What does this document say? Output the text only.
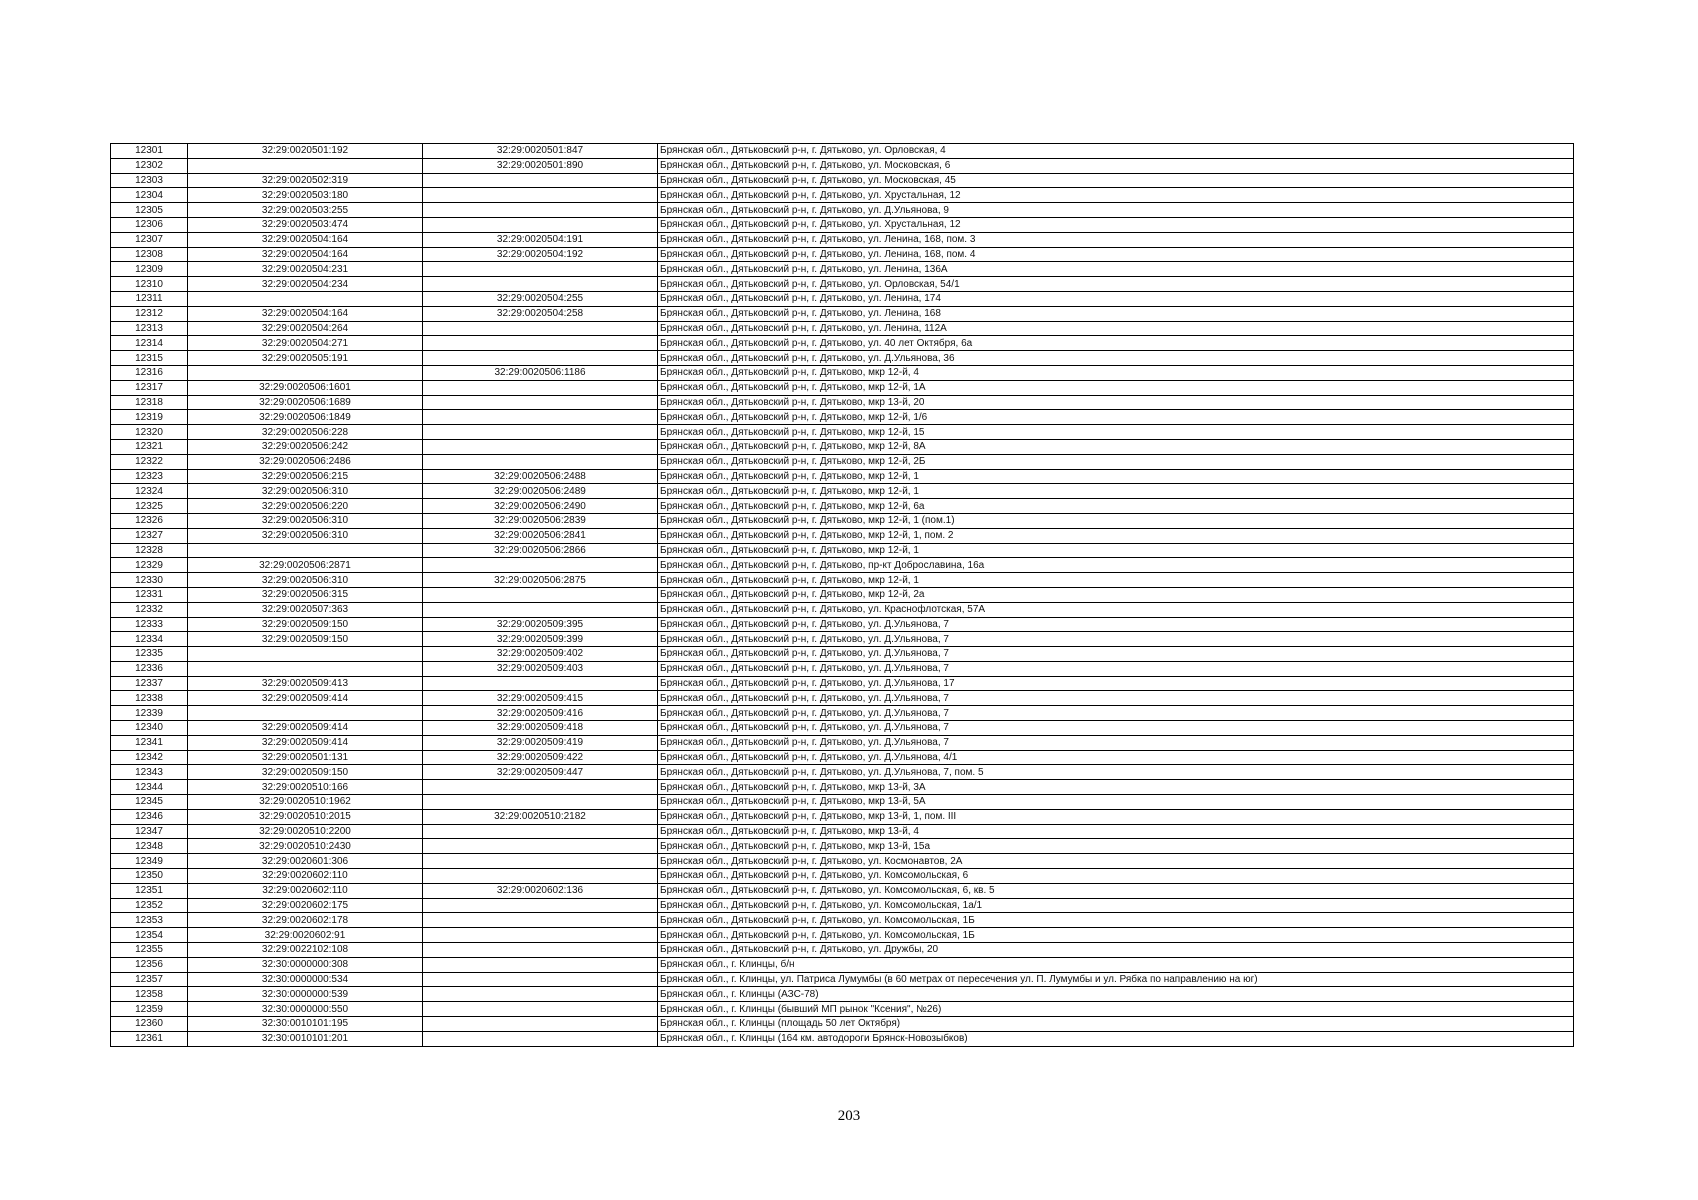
12301	32:29:0020501:192	32:29:0020501:847	Брянская обл., Дятьковский р-н, г. Дятьково, ул. Орловская, 4
12302		32:29:0020501:890	Брянская обл., Дятьковский р-н, г. Дятьково, ул. Московская, 6
12303	32:29:0020502:319		Брянская обл., Дятьковский р-н, г. Дятьково, ул. Московская, 45
12304	32:29:0020503:180		Брянская обл., Дятьковский р-н, г. Дятьково, ул. Хрустальная, 12
12305	32:29:0020503:255		Брянская обл., Дятьковский р-н, г. Дятьково, ул. Д.Ульянова, 9
12306	32:29:0020503:474		Брянская обл., Дятьковский р-н, г. Дятьково, ул. Хрустальная, 12
12307	32:29:0020504:164	32:29:0020504:191	Брянская обл., Дятьковский р-н, г. Дятьково, ул. Ленина, 168, пом. 3
12308	32:29:0020504:164	32:29:0020504:192	Брянская обл., Дятьковский р-н, г. Дятьково, ул. Ленина, 168, пом. 4
12309	32:29:0020504:231		Брянская обл., Дятьковский р-н, г. Дятьково, ул. Ленина, 136А
12310	32:29:0020504:234		Брянская обл., Дятьковский р-н, г. Дятьково, ул. Орловская, 54/1
12311		32:29:0020504:255	Брянская обл., Дятьковский р-н, г. Дятьково, ул. Ленина, 174
12312	32:29:0020504:164	32:29:0020504:258	Брянская обл., Дятьковский р-н, г. Дятьково, ул. Ленина, 168
12313	32:29:0020504:264		Брянская обл., Дятьковский р-н, г. Дятьково, ул. Ленина, 112А
12314	32:29:0020504:271		Брянская обл., Дятьковский р-н, г. Дятьково, ул. 40 лет Октября, 6а
12315	32:29:0020505:191		Брянская обл., Дятьковский р-н, г. Дятьково, ул. Д.Ульянова, 36
12316		32:29:0020506:1186	Брянская обл., Дятьковский р-н, г. Дятьково, мкр 12-й, 4
12317	32:29:0020506:1601		Брянская обл., Дятьковский р-н, г. Дятьково, мкр 12-й, 1А
12318	32:29:0020506:1689		Брянская обл., Дятьковский р-н, г. Дятьково, мкр 13-й, 20
12319	32:29:0020506:1849		Брянская обл., Дятьковский р-н, г. Дятьково, мкр 12-й, 1/6
12320	32:29:0020506:228		Брянская обл., Дятьковский р-н, г. Дятьково, мкр 12-й, 15
12321	32:29:0020506:242		Брянская обл., Дятьковский р-н, г. Дятьково, мкр 12-й, 8А
12322	32:29:0020506:2486		Брянская обл., Дятьковский р-н, г. Дятьково, мкр 12-й, 2Б
12323	32:29:0020506:215	32:29:0020506:2488	Брянская обл., Дятьковский р-н, г. Дятьково, мкр 12-й, 1
12324	32:29:0020506:310	32:29:0020506:2489	Брянская обл., Дятьковский р-н, г. Дятьково, мкр 12-й, 1
12325	32:29:0020506:220	32:29:0020506:2490	Брянская обл., Дятьковский р-н, г. Дятьково, мкр 12-й, 6а
12326	32:29:0020506:310	32:29:0020506:2839	Брянская обл., Дятьковский р-н, г. Дятьково, мкр 12-й, 1 (пом.1)
12327	32:29:0020506:310	32:29:0020506:2841	Брянская обл., Дятьковский р-н, г. Дятьково, мкр 12-й, 1, пом. 2
12328		32:29:0020506:2866	Брянская обл., Дятьковский р-н, г. Дятьково, мкр 12-й, 1
12329	32:29:0020506:2871		Брянская обл., Дятьковский р-н, г. Дятьково, пр-кт Доброславина, 16а
12330	32:29:0020506:310	32:29:0020506:2875	Брянская обл., Дятьковский р-н, г. Дятьково, мкр 12-й, 1
12331	32:29:0020506:315		Брянская обл., Дятьковский р-н, г. Дятьково, мкр 12-й, 2а
12332	32:29:0020507:363		Брянская обл., Дятьковский р-н, г. Дятьково, ул. Краснофлотская, 57А
12333	32:29:0020509:150	32:29:0020509:395	Брянская обл., Дятьковский р-н, г. Дятьково, ул. Д.Ульянова, 7
12334	32:29:0020509:150	32:29:0020509:399	Брянская обл., Дятьковский р-н, г. Дятьково, ул. Д.Ульянова, 7
12335		32:29:0020509:402	Брянская обл., Дятьковский р-н, г. Дятьково, ул. Д.Ульянова, 7
12336		32:29:0020509:403	Брянская обл., Дятьковский р-н, г. Дятьково, ул. Д.Ульянова, 7
12337	32:29:0020509:413		Брянская обл., Дятьковский р-н, г. Дятьково, ул. Д.Ульянова, 17
12338	32:29:0020509:414	32:29:0020509:415	Брянская обл., Дятьковский р-н, г. Дятьково, ул. Д.Ульянова, 7
12339		32:29:0020509:416	Брянская обл., Дятьковский р-н, г. Дятьково, ул. Д.Ульянова, 7
12340	32:29:0020509:414	32:29:0020509:418	Брянская обл., Дятьковский р-н, г. Дятьково, ул. Д.Ульянова, 7
12341	32:29:0020509:414	32:29:0020509:419	Брянская обл., Дятьковский р-н, г. Дятьково, ул. Д.Ульянова, 7
12342	32:29:0020501:131	32:29:0020509:422	Брянская обл., Дятьковский р-н, г. Дятьково, ул. Д.Ульянова, 4/1
12343	32:29:0020509:150	32:29:0020509:447	Брянская обл., Дятьковский р-н, г. Дятьково, ул. Д.Ульянова, 7, пом. 5
12344	32:29:0020510:166		Брянская обл., Дятьковский р-н, г. Дятьково, мкр 13-й, 3А
12345	32:29:0020510:1962		Брянская обл., Дятьковский р-н, г. Дятьково, мкр 13-й, 5А
12346	32:29:0020510:2015	32:29:0020510:2182	Брянская обл., Дятьковский р-н, г. Дятьково, мкр 13-й, 1, пом. III
12347	32:29:0020510:2200		Брянская обл., Дятьковский р-н, г. Дятьково, мкр 13-й, 4
12348	32:29:0020510:2430		Брянская обл., Дятьковский р-н, г. Дятьково, мкр 13-й, 15а
12349	32:29:0020601:306		Брянская обл., Дятьковский р-н, г. Дятьково, ул. Космонавтов, 2А
12350	32:29:0020602:110		Брянская обл., Дятьковский р-н, г. Дятьково, ул. Комсомольская, 6
12351	32:29:0020602:110	32:29:0020602:136	Брянская обл., Дятьковский р-н, г. Дятьково, ул. Комсомольская, 6, кв. 5
12352	32:29:0020602:175		Брянская обл., Дятьковский р-н, г. Дятьково, ул. Комсомольская, 1а/1
12353	32:29:0020602:178		Брянская обл., Дятьковский р-н, г. Дятьково, ул. Комсомольская, 1Б
12354	32:29:0020602:91		Брянская обл., Дятьковский р-н, г. Дятьково, ул. Комсомольская, 1Б
12355	32:29:0022102:108		Брянская обл., Дятьковский р-н, г. Дятьково, ул. Дружбы, 20
12356	32:30:0000000:308		Брянская обл., г. Клинцы, б/н
12357	32:30:0000000:534		Брянская обл., г. Клинцы, ул. Патриса Лумумбы (в 60 метрах от пересечения ул. П. Лумумбы и ул. Рябка по направлению на юг)
12358	32:30:0000000:539		Брянская обл., г. Клинцы (АЗС-78)
12359	32:30:0000000:550		Брянская обл., г. Клинцы (бывший МП рынок "Ксения", №26)
12360	32:30:0010101:195		Брянская обл., г. Клинцы (площадь 50 лет Октября)
12361	32:30:0010101:201		Брянская обл., г. Клинцы (164 км. автодороги Брянск-Новозыбков)
203
